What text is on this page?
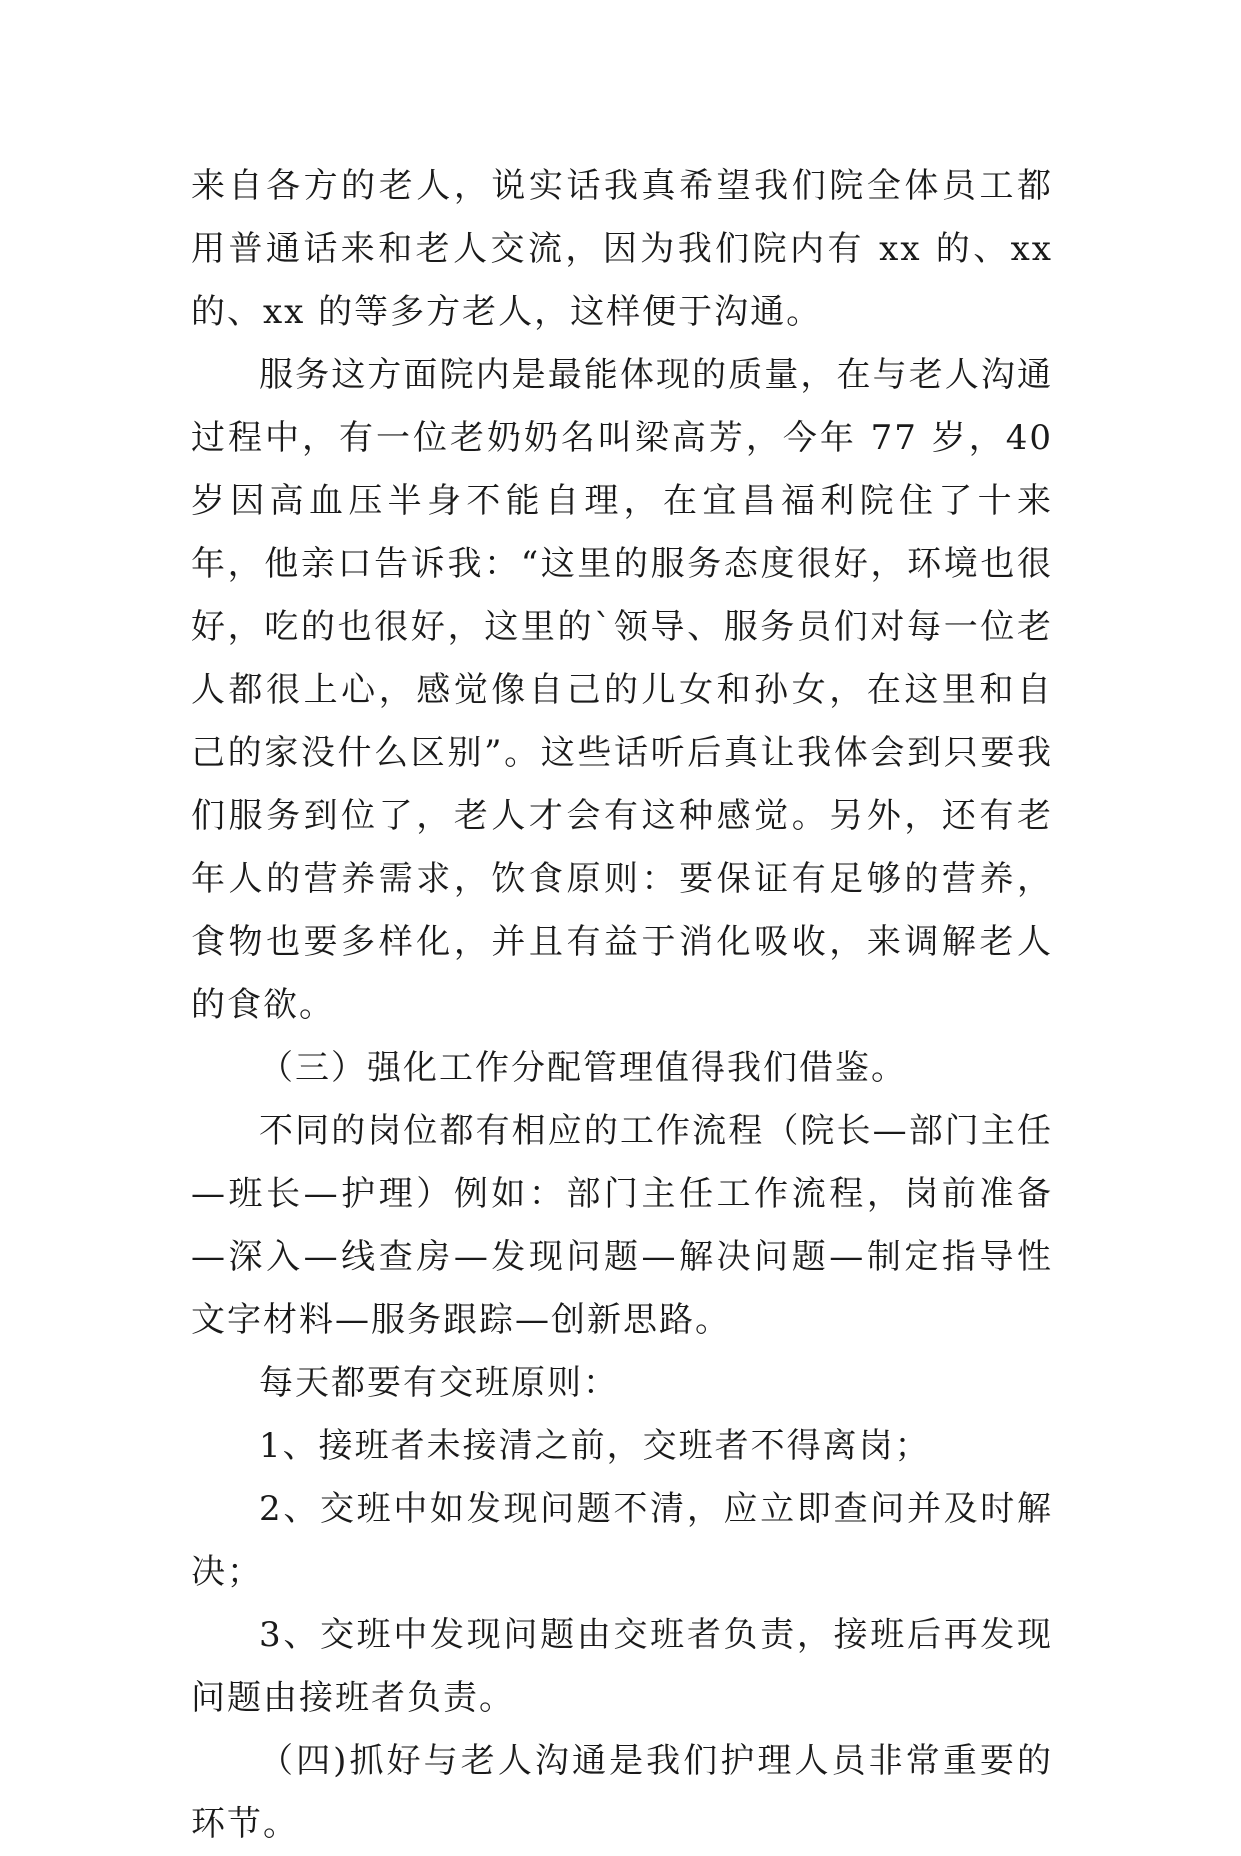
来自各方的老人，说实话我真希望我们院全体员工都用普通话来和老人交流，因为我们院内有 xx 的、xx 的、xx 的等多方老人，这样便于沟通。

服务这方面院内是最能体现的质量，在与老人沟通过程中，有一位老奶奶名叫梁高芳，今年 77 岁，40 岁因高血压半身不能自理，在宜昌福利院住了十来年，他亲口告诉我：“这里的服务态度很好，环境也很好，吃的也很好，这里的`领导、服务员们对每一位老人都很上心，感觉像自己的儿女和孙女，在这里和自己的家没什么区别”。这些话听后真让我体会到只要我们服务到位了，老人才会有这种感觉。另外，还有老年人的营养需求，饮食原则：要保证有足够的营养，食物也要多样化，并且有益于消化吸收，来调解老人的食欲。

（三）强化工作分配管理值得我们借鉴。

不同的岗位都有相应的工作流程（院长—部门主任—班长—护理）例如：部门主任工作流程，岗前准备—深入—线查房—发现问题—解决问题—制定指导性文字材料—服务跟踪—创新思路。

每天都要有交班原则：

1、接班者未接清之前，交班者不得离岗；

2、交班中如发现问题不清，应立即查问并及时解决；

3、交班中发现问题由交班者负责，接班后再发现问题由接班者负责。

（四)抓好与老人沟通是我们护理人员非常重要的环节。
